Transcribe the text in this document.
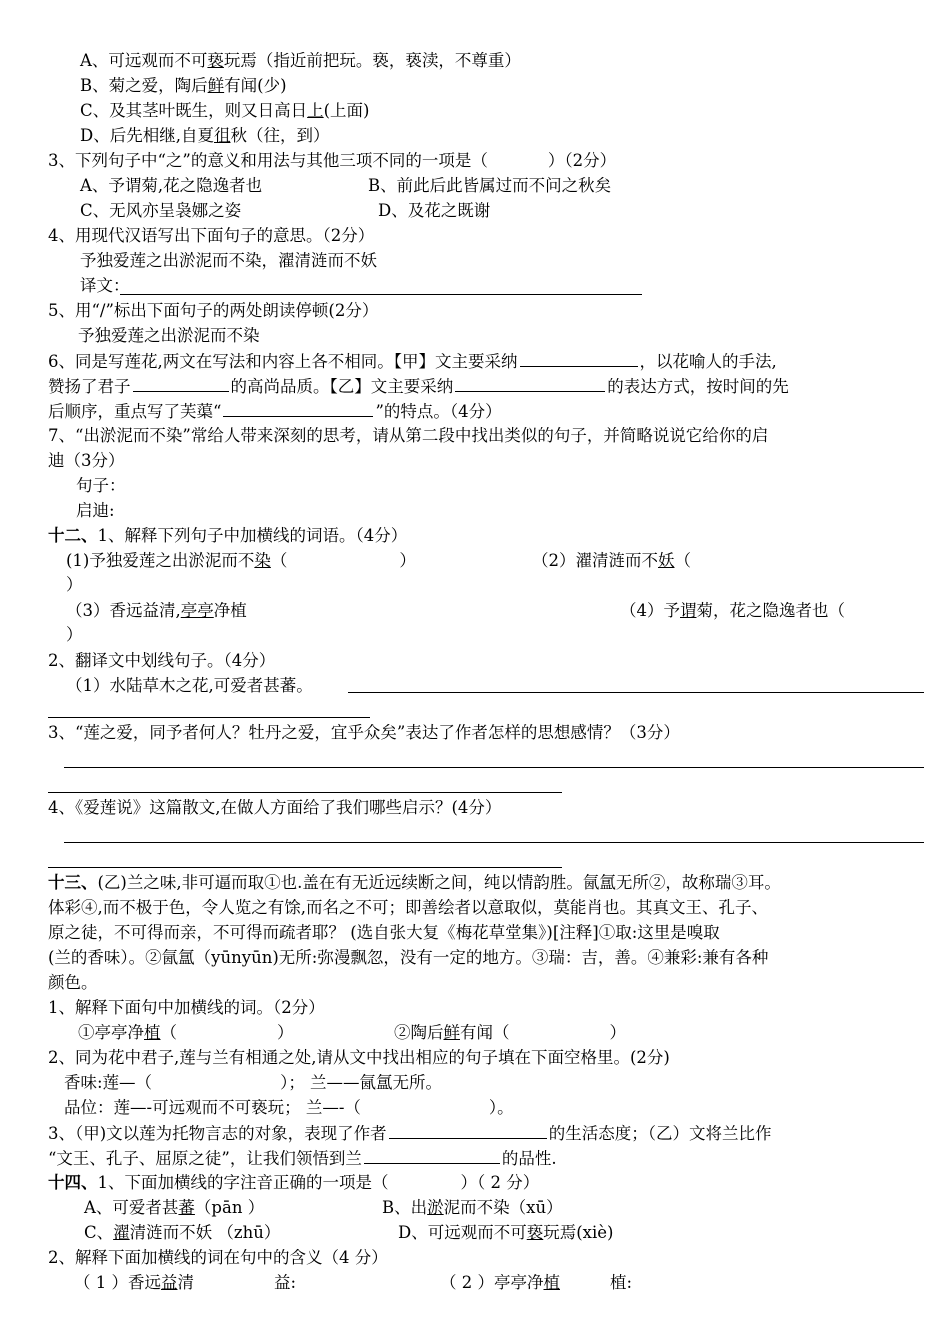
A、可远观而不可亵玩焉（指近前把玩。亵，亵渎，不尊重）
B、菊之爱，陶后鲜有闻(少)
C、及其茎叶既生，则又日高日上(上面)
D、后先相继,自夏徂秋（往，到）
3、下列句子中“之”的意义和用法与其他三项不同的一项是（	）（2分）
A、予谓菊,花之隐逸者也	B、前此后此皆属过而不问之秋矣
C、无风亦呈袅娜之姿	D、及花之既谢
4、用现代汉语写出下面句子的意思。（2分）
予独爱莲之出淤泥而不染，濯清涟而不妖
译文：
5、用“/”标出下面句子的两处朗读停顿(2分）
予独爱莲之出淤泥而不染
6、同是写莲花,两文在写法和内容上各不相同。【甲】文主要采纳	，以花喻人的手法,
赞扬了君子	的高尚品质。【乙】文主要采纳	的表达方式，按时间的先
后顺序，重点写了芙蕖“	”的特点。（4分）
7、“出淤泥而不染”常给人带来深刻的思考，请从第二段中找出类似的句子，并简略说说它给你的启
迪（3分）
句子：
启迪:
十二、1、解释下列句子中加横线的词语。（4分）
(1)予独爱莲之出淤泥而不染（	）	（2）濯清涟而不妖（
）
（3）香远益清,亭亭净植	（4）予谓菊，花之隐逸者也（
）
2、翻译文中划线句子。（4分）
（1）水陆草木之花,可爱者甚蕃。
3、“莲之爱，同予者何人？牡丹之爱，宜乎众矣”表达了作者怎样的思想感情？（3分）
4、《爱莲说》这篇散文,在做人方面给了我们哪些启示？(4分）
十三、(乙)兰之味,非可逼而取①也.盖在有无近远续断之间，纯以情韵胜。氤氲无所②，故称瑞③耳。
体彩④,而不极于色，令人览之有馀,而名之不可；即善绘者以意取似，莫能肖也。其真文王、孔子、
原之徒，不可得而亲，不可得而疏者耶？ (选自张大复《梅花草堂集》)[注释]①取:这里是嗅取
(兰的香味）。②氤氲（yūnyūn)无所:弥漫飘忽，没有一定的地方。③瑞：吉，善。④兼彩:兼有各种
颜色。
1、解释下面句中加横线的词。（2分）
①亭亭净植（	）	②陶后鲜有闻（	）
2、同为花中君子,莲与兰有相通之处,请从文中找出相应的句子填在下面空格里。(2分)
香味:莲—（	）； 兰——氤氲无所。
品位：莲—-可远观而不可亵玩； 兰—-（	）。
3、（甲)文以莲为托物言志的对象，表现了作者	的生活态度；（乙）文将兰比作
“文王、孔子、屈原之徒”，让我们领悟到兰	的品性.
十四、1、下面加横线的字注音正确的一项是（	）（ 2 分）
A、可爱者甚蕃（pān ）	B、出淤泥而不染（xū）
C、濯清涟而不妖 （zhū）	D、可远观而不可亵玩焉(xiè)
2、解释下面加横线的词在句中的含义（4 分）
（ 1 ）香远益清	益:	（ 2 ）亭亭净植	植:
